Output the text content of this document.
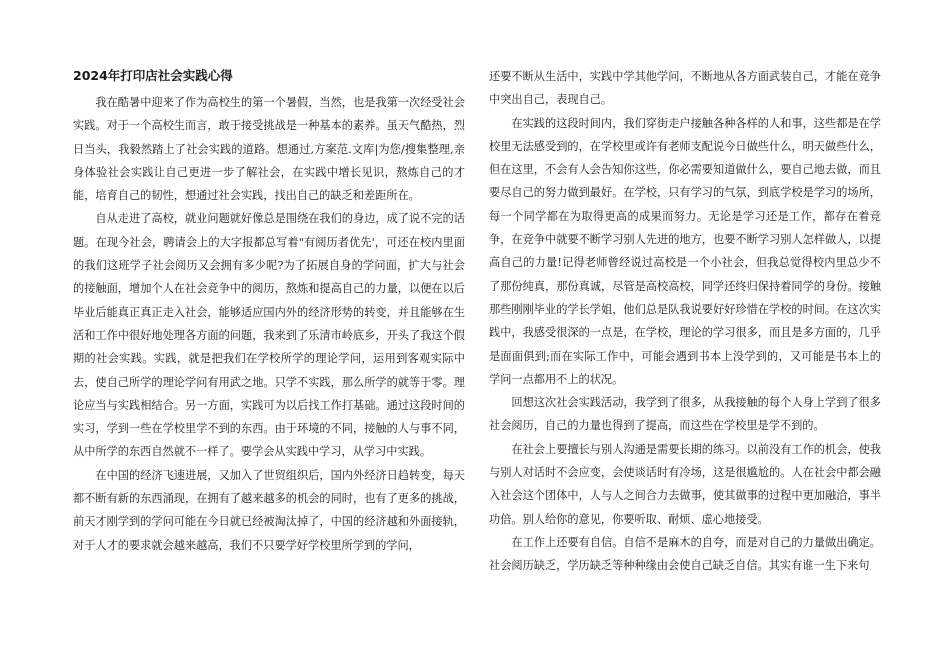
2024年打印店社会实践心得

我在酷暑中迎来了作为高校生的第一个暑假，当然，也是我第一次经受社会实践。对于一个高校生而言，敢于接受挑战是一种基本的素养。虽天气酷热，烈日当头，我毅然踏上了社会实践的道路。想通过,方案范.文库|为您/搜集整理,亲身体验社会实践让自己更进一步了解社会，在实践中增长见识，熬炼自己的才能，培育自己的韧性，想通过社会实践，找出自己的缺乏和差距所在。

自从走进了高校，就业问题就好像总是围绕在我们的身边，成了说不完的话题。在现今社会，聘请会上的大字报都总写着"有阅历者优先'，可还在校内里面的我们这班学子社会阅历又会拥有多少呢?为了拓展自身的学问面，扩大与社会的接触面，增加个人在社会竞争中的阅历，熬炼和提高自己的力量，以便在以后毕业后能真正真正走入社会，能够适应国内外的经济形势的转变，并且能够在生活和工作中很好地处理各方面的问题，我来到了乐清市岭底乡，开头了我这个假期的社会实践。实践，就是把我们在学校所学的理论学问，运用到客观实际中去，使自己所学的理论学问有用武之地。只学不实践，那么所学的就等于零。理论应当与实践相结合。另一方面，实践可为以后找工作打基础。通过这段时间的实习，学到一些在学校里学不到的东西。由于环境的不同，接触的人与事不同，从中所学的东西自然就不一样了。要学会从实践中学习，从学习中实践。

在中国的经济飞速进展，又加入了世贸组织后，国内外经济日趋转变，每天都不断有新的东西涌现，在拥有了越来越多的机会的同时，也有了更多的挑战，前天才刚学到的学问可能在今日就已经被淘汰掉了，中国的经济越和外面接轨，对于人才的要求就会越来越高，我们不只要学好学校里所学到的学问，

还要不断从生活中，实践中学其他学问，不断地从各方面武装自己，才能在竞争中突出自己，表现自己。

在实践的这段时间内，我们穿街走户接触各种各样的人和事，这些都是在学校里无法感受到的，在学校里或许有老师支配说今日做些什么，明天做些什么，但在这里，不会有人会告知你这些，你必需要知道做什么，要自己地去做，而且要尽自己的努力做到最好。在学校，只有学习的气氛，到底学校是学习的场所，每一个同学都在为取得更高的成果而努力。无论是学习还是工作，都存在着竞争，在竞争中就要不断学习别人先进的地方，也要不断学习别人怎样做人，以提高自己的力量!记得老师曾经说过高校是一个小社会，但我总觉得校内里总少不了那份纯真，那份真诚，尽管是高校高校，同学还终归保持着同学的身份。接触那些刚刚毕业的学长学姐，他们总是队我说要好好珍惜在学校的时间。在这次实践中，我感受很深的一点是，在学校，理论的学习很多，而且是多方面的，几乎是面面俱到;而在实际工作中，可能会遇到书本上没学到的，又可能是书本上的学问一点都用不上的状况。

回想这次社会实践活动，我学到了很多，从我接触的每个人身上学到了很多社会阅历，自己的力量也得到了提高，而这些在学校里是学不到的。

在社会上要擅长与别人沟通是需要长期的练习。以前没有工作的机会，使我与别人对话时不会应变，会使谈话时有冷场，这是很尴尬的。人在社会中都会融入社会这个团体中，人与人之间合力去做事，使其做事的过程中更加融洽，事半功倍。别人给你的意见，你要听取、耐烦、虚心地接受。

在工作上还要有自信。自信不是麻木的自夸，而是对自己的力量做出确定。社会阅历缺乏，学历缺乏等种种缘由会使自己缺乏自信。其实有谁一生下来句
